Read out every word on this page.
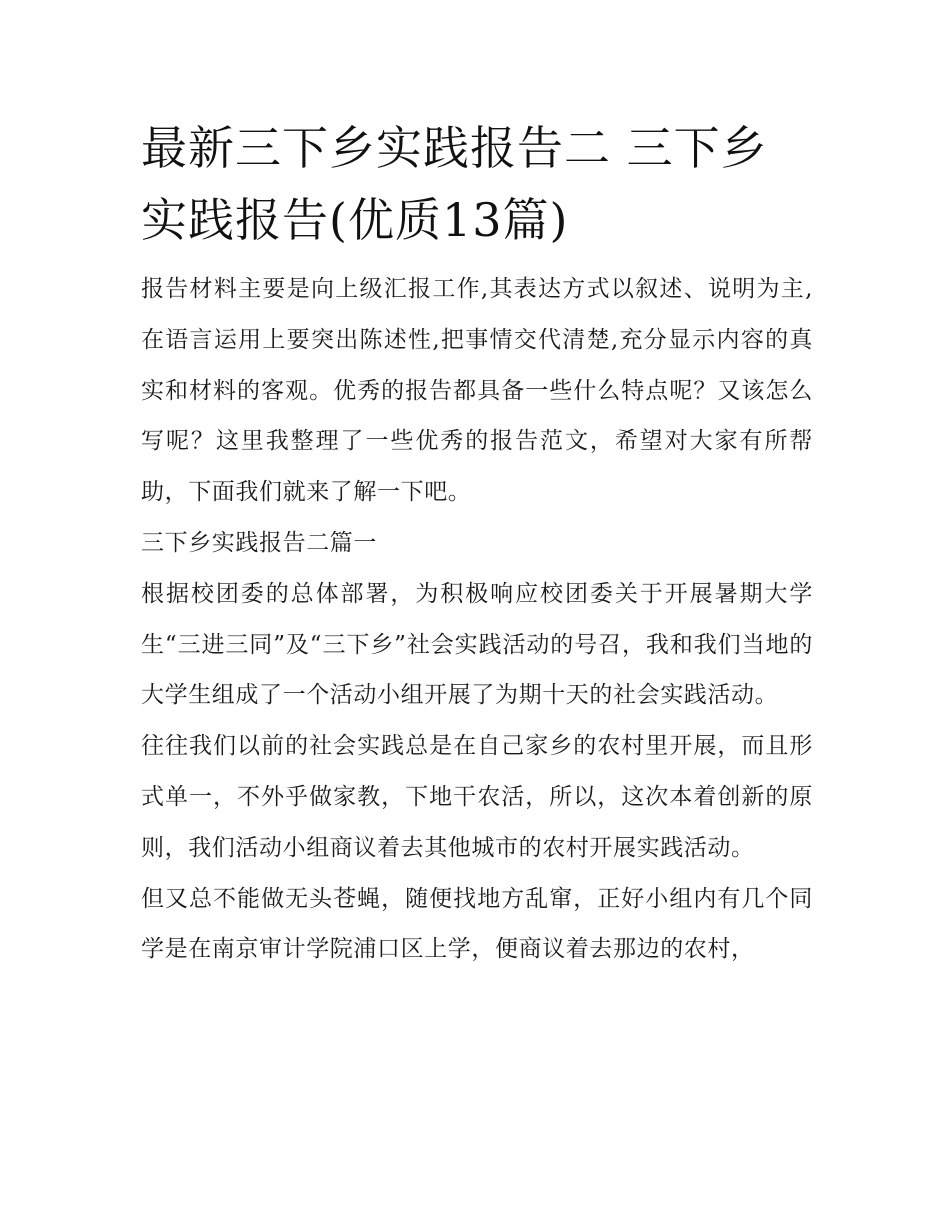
最新三下乡实践报告二 三下乡实践报告(优质13篇)

报告材料主要是向上级汇报工作,其表达方式以叙述、说明为主,在语言运用上要突出陈述性,把事情交代清楚,充分显示内容的真实和材料的客观。优秀的报告都具备一些什么特点呢？又该怎么写呢？这里我整理了一些优秀的报告范文，希望对大家有所帮助，下面我们就来了解一下吧。

三下乡实践报告二篇一

根据校团委的总体部署，为积极响应校团委关于开展暑期大学生“三进三同”及“三下乡”社会实践活动的号召，我和我们当地的大学生组成了一个活动小组开展了为期十天的社会实践活动。

往往我们以前的社会实践总是在自己家乡的农村里开展，而且形式单一，不外乎做家教，下地干农活，所以，这次本着创新的原则，我们活动小组商议着去其他城市的农村开展实践活动。

但又总不能做无头苍蝇，随便找地方乱窜，正好小组内有几个同学是在南京审计学院浦口区上学，便商议着去那边的农村，
